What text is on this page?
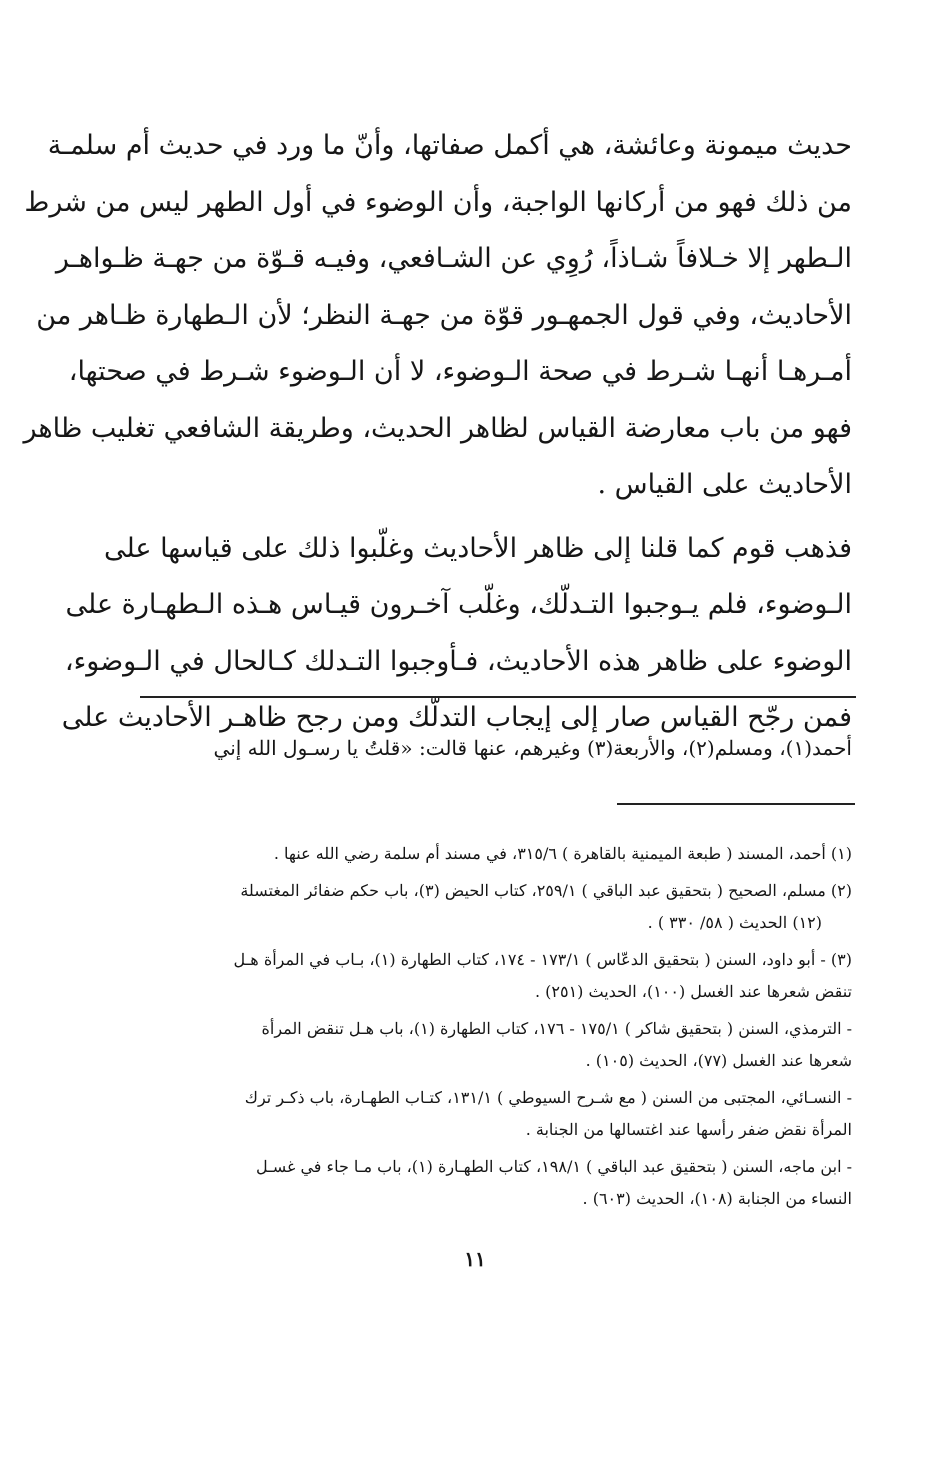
حديث ميمونة وعائشة، هي أكمل صفاتها، وأنّ ما ورد في حديث أم سلمـة
من ذلك فهو من أركانها الواجبة، وأن الوضوء في أول الطهر ليس من شرط
الـطهر إلا خـلافاً شـاذاً، رُوِي عن الشـافعي، وفيـه قـوّة من جهـة ظـواهـر
الأحاديث، وفي قول الجمهـور قوّة من جهـة النظر؛ لأن الـطهارة ظـاهر من
أمـرهـا أنهـا شـرط في صحة الـوضوء، لا أن الـوضوء شـرط في صحتها،
فهو من باب معارضة القياس لظاهر الحديث، وطريقة الشافعي تغليب ظاهر
الأحاديث على القياس .
فذهب قوم كما قلنا إلى ظاهر الأحاديث وغلّبوا ذلك على قياسها على
الـوضوء، فلم يـوجبوا التـدلّك، وغلّب آخـرون قيـاس هـذه الـطهـارة على
الوضوء على ظاهر هذه الأحاديث، فـأوجبوا التـدلك كـالحال في الـوضوء،
فمن رجّح القياس صار إلى إيجاب التدلّك ومن رجح ظاهـر الأحاديث على
أحمد(١)، ومسلم(٢)، والأربعة(٣) وغيرهم، عنها قالت: «قلتُ يا رسـول الله إني
(١) أحمد، المسند ( طبعة الميمنية بالقاهرة ) ٣١٥/٦، في مسند أم سلمة رضي الله عنها .
(٢) مسلم، الصحيح ( بتحقيق عبد الباقي ) ٢٥٩/١، كتاب الحيض (٣)، باب حكم ضفائر المغتسلة
(١٢) الحديث ( ٥٨/ ٣٣٠ ) .
(٣) - أبو داود، السنن ( بتحقيق الدعّاس ) ١٧٣/١ - ١٧٤، كتاب الطهارة (١)، بـاب في المرأة هـل
تنقض شعرها عند الغسل (١٠٠)، الحديث (٢٥١) .
- الترمذي، السنن ( بتحقيق شاكر ) ١٧٥/١ - ١٧٦، كتاب الطهارة (١)، باب هـل تنقض المرأة
شعرها عند الغسل (٧٧)، الحديث (١٠٥) .
- النسـائي، المجتبى من السنن ( مع شـرح السيوطي ) ١٣١/١، كتـاب الطهـارة، باب ذكـر ترك
المرأة نقض ضفر رأسها عند اغتسالها من الجنابة .
- ابن ماجه، السنن ( بتحقيق عبد الباقي ) ١٩٨/١، كتاب الطهـارة (١)، باب مـا جاء في غسـل
النساء من الجنابة (١٠٨)، الحديث (٦٠٣) .
١١
